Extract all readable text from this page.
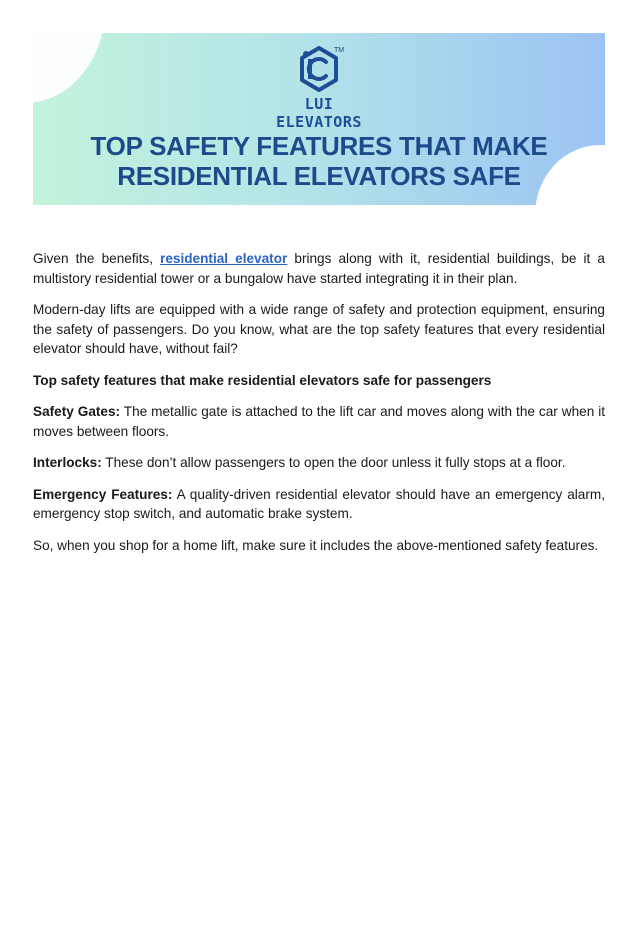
TM
LUI ELEVATORS
TOP SAFETY FEATURES THAT MAKE
RESIDENTIAL ELEVATORS SAFE

Given the benefits, residential elevator brings along with it, residential buildings, be it a multistory residential tower or a bungalow have started integrating it in their plan.

Modern-day lifts are equipped with a wide range of safety and protection equipment, ensuring the safety of passengers. Do you know, what are the top safety features that every residential elevator should have, without fail?

Top safety features that make residential elevators safe for passengers

Safety Gates: The metallic gate is attached to the lift car and moves along with the car when it moves between floors.

Interlocks: These don’t allow passengers to open the door unless it fully stops at a floor.

Emergency Features: A quality-driven residential elevator should have an emergency alarm, emergency stop switch, and automatic brake system.

So, when you shop for a home lift, make sure it includes the above-mentioned safety features.
